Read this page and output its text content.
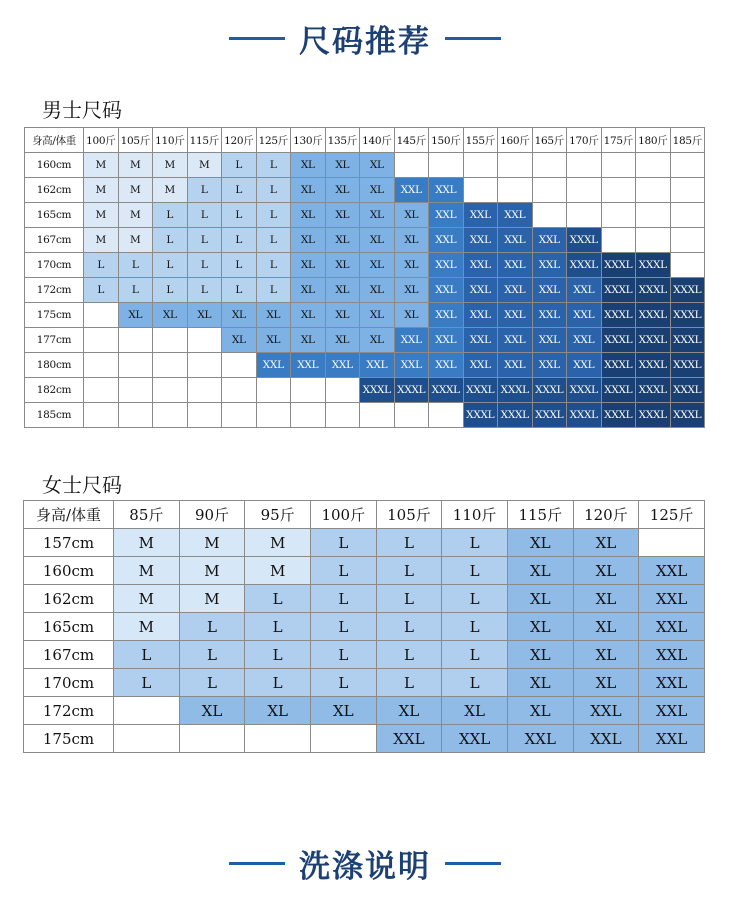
尺码推荐
男士尺码
身高/体重	100斤	105斤	110斤	115斤	120斤	125斤	130斤	135斤	140斤	145斤	150斤	155斤	160斤	165斤	170斤	175斤	180斤	185斤
160cm	M	M	M	M	L	L	XL	XL	XL									
162cm	M	M	M	L	L	L	XL	XL	XL	XXL	XXL							
165cm	M	M	L	L	L	L	XL	XL	XL	XL	XXL	XXL	XXL					
167cm	M	M	L	L	L	L	XL	XL	XL	XL	XXL	XXL	XXL	XXL	XXXL			
170cm	L	L	L	L	L	L	XL	XL	XL	XL	XXL	XXL	XXL	XXL	XXXL	XXXL	XXXL	
172cm	L	L	L	L	L	L	XL	XL	XL	XL	XXL	XXL	XXL	XXL	XXL	XXXL	XXXL	XXXL
175cm		XL	XL	XL	XL	XL	XL	XL	XL	XL	XXL	XXL	XXL	XXL	XXL	XXXL	XXXL	XXXL
177cm					XL	XL	XL	XL	XL	XXL	XXL	XXL	XXL	XXL	XXL	XXXL	XXXL	XXXL
180cm						XXL	XXL	XXL	XXL	XXL	XXL	XXL	XXL	XXL	XXL	XXXL	XXXL	XXXL
182cm									XXXL	XXXL	XXXL	XXXL	XXXL	XXXL	XXXL	XXXL	XXXL	XXXL
185cm												XXXL	XXXL	XXXL	XXXL	XXXL	XXXL	XXXL
女士尺码
身高/体重	85斤	90斤	95斤	100斤	105斤	110斤	115斤	120斤	125斤
157cm	M	M	M	L	L	L	XL	XL	
160cm	M	M	M	L	L	L	XL	XL	XXL
162cm	M	M	L	L	L	L	XL	XL	XXL
165cm	M	L	L	L	L	L	XL	XL	XXL
167cm	L	L	L	L	L	L	XL	XL	XXL
170cm	L	L	L	L	L	L	XL	XL	XXL
172cm		XL	XL	XL	XL	XL	XL	XXL	XXL
175cm					XXL	XXL	XXL	XXL	XXL
洗涤说明
